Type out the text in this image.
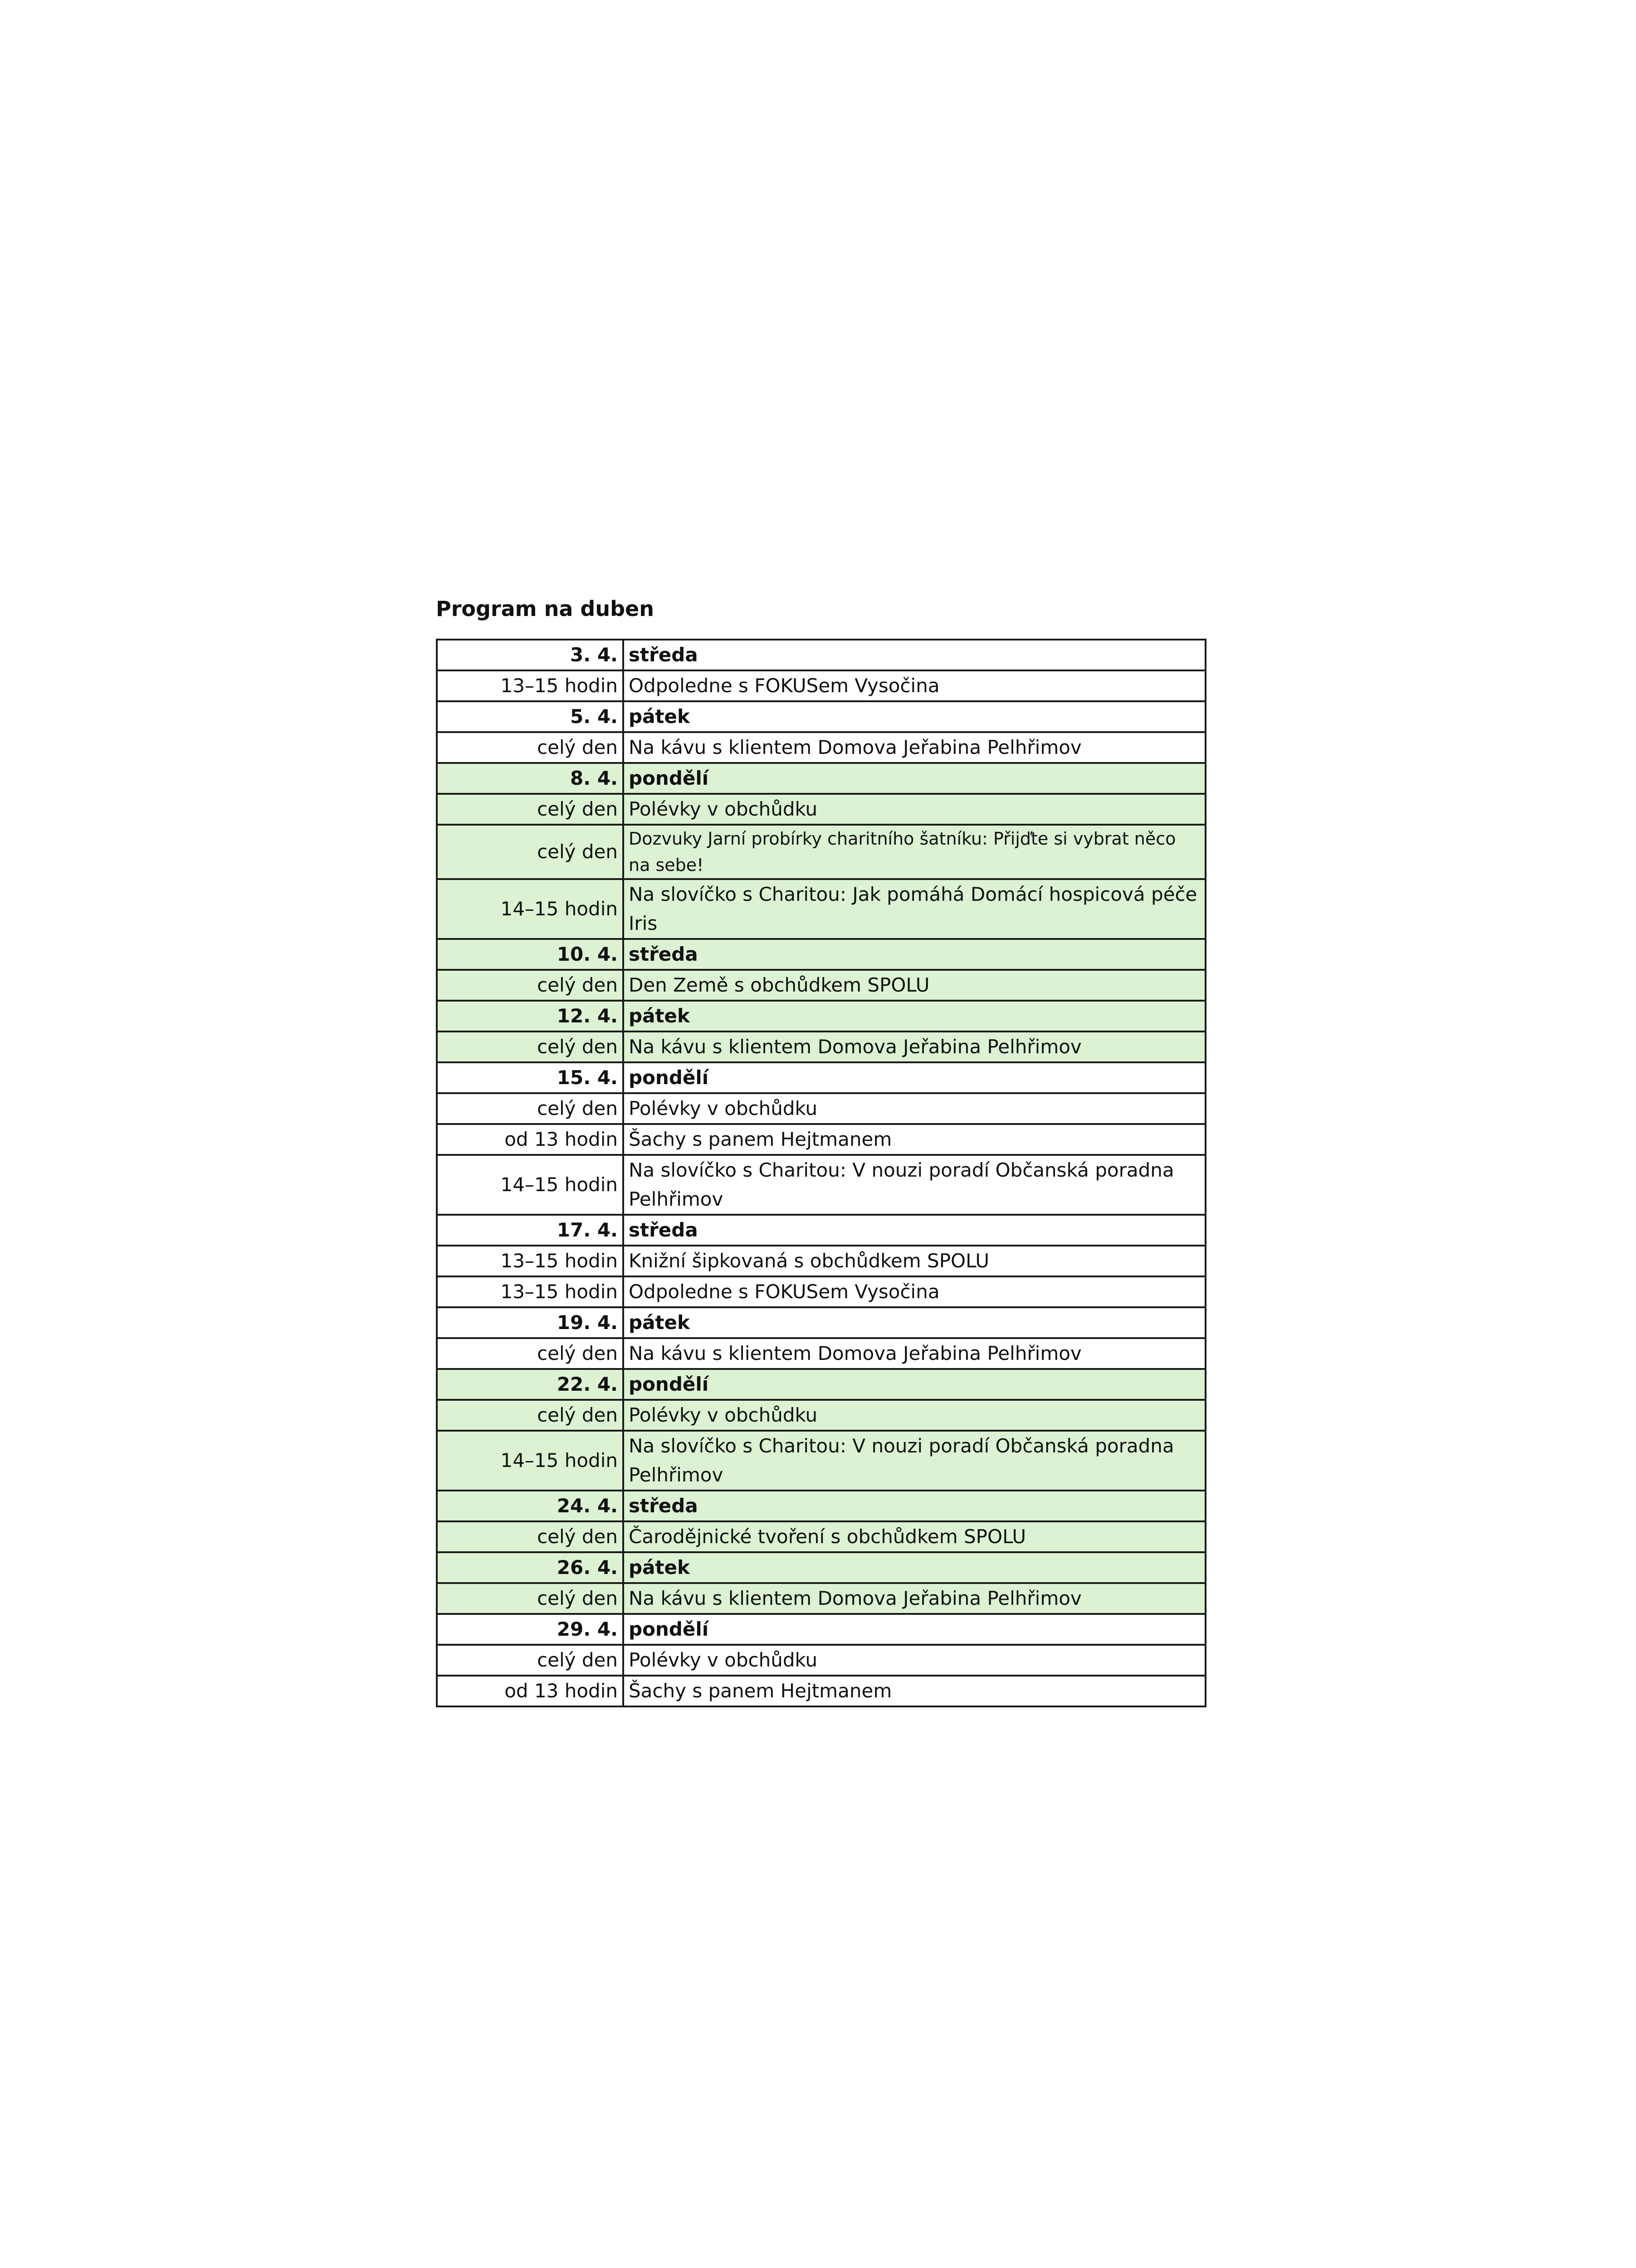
Program na duben
3. 4.	středa
13–15 hodin	Odpoledne s FOKUSem Vysočina
5. 4.	pátek
celý den	Na kávu s klientem Domova Jeřabina Pelhřimov
8. 4.	pondělí
celý den	Polévky v obchůdku
celý den	Dozvuky Jarní probírky charitního šatníku: Přijďte si vybrat něco na sebe!
14–15 hodin	Na slovíčko s Charitou: Jak pomáhá Domácí hospicová péče Iris
10. 4.	středa
celý den	Den Země s obchůdkem SPOLU
12. 4.	pátek
celý den	Na kávu s klientem Domova Jeřabina Pelhřimov
15. 4.	pondělí
celý den	Polévky v obchůdku
od 13 hodin	Šachy s panem Hejtmanem
14–15 hodin	Na slovíčko s Charitou: V nouzi poradí Občanská poradna Pelhřimov
17. 4.	středa
13–15 hodin	Knižní šipkovaná s obchůdkem SPOLU
13–15 hodin	Odpoledne s FOKUSem Vysočina
19. 4.	pátek
celý den	Na kávu s klientem Domova Jeřabina Pelhřimov
22. 4.	pondělí
celý den	Polévky v obchůdku
14–15 hodin	Na slovíčko s Charitou: V nouzi poradí Občanská poradna Pelhřimov
24. 4.	středa
celý den	Čarodějnické tvoření s obchůdkem SPOLU
26. 4.	pátek
celý den	Na kávu s klientem Domova Jeřabina Pelhřimov
29. 4.	pondělí
celý den	Polévky v obchůdku
od 13 hodin	Šachy s panem Hejtmanem
